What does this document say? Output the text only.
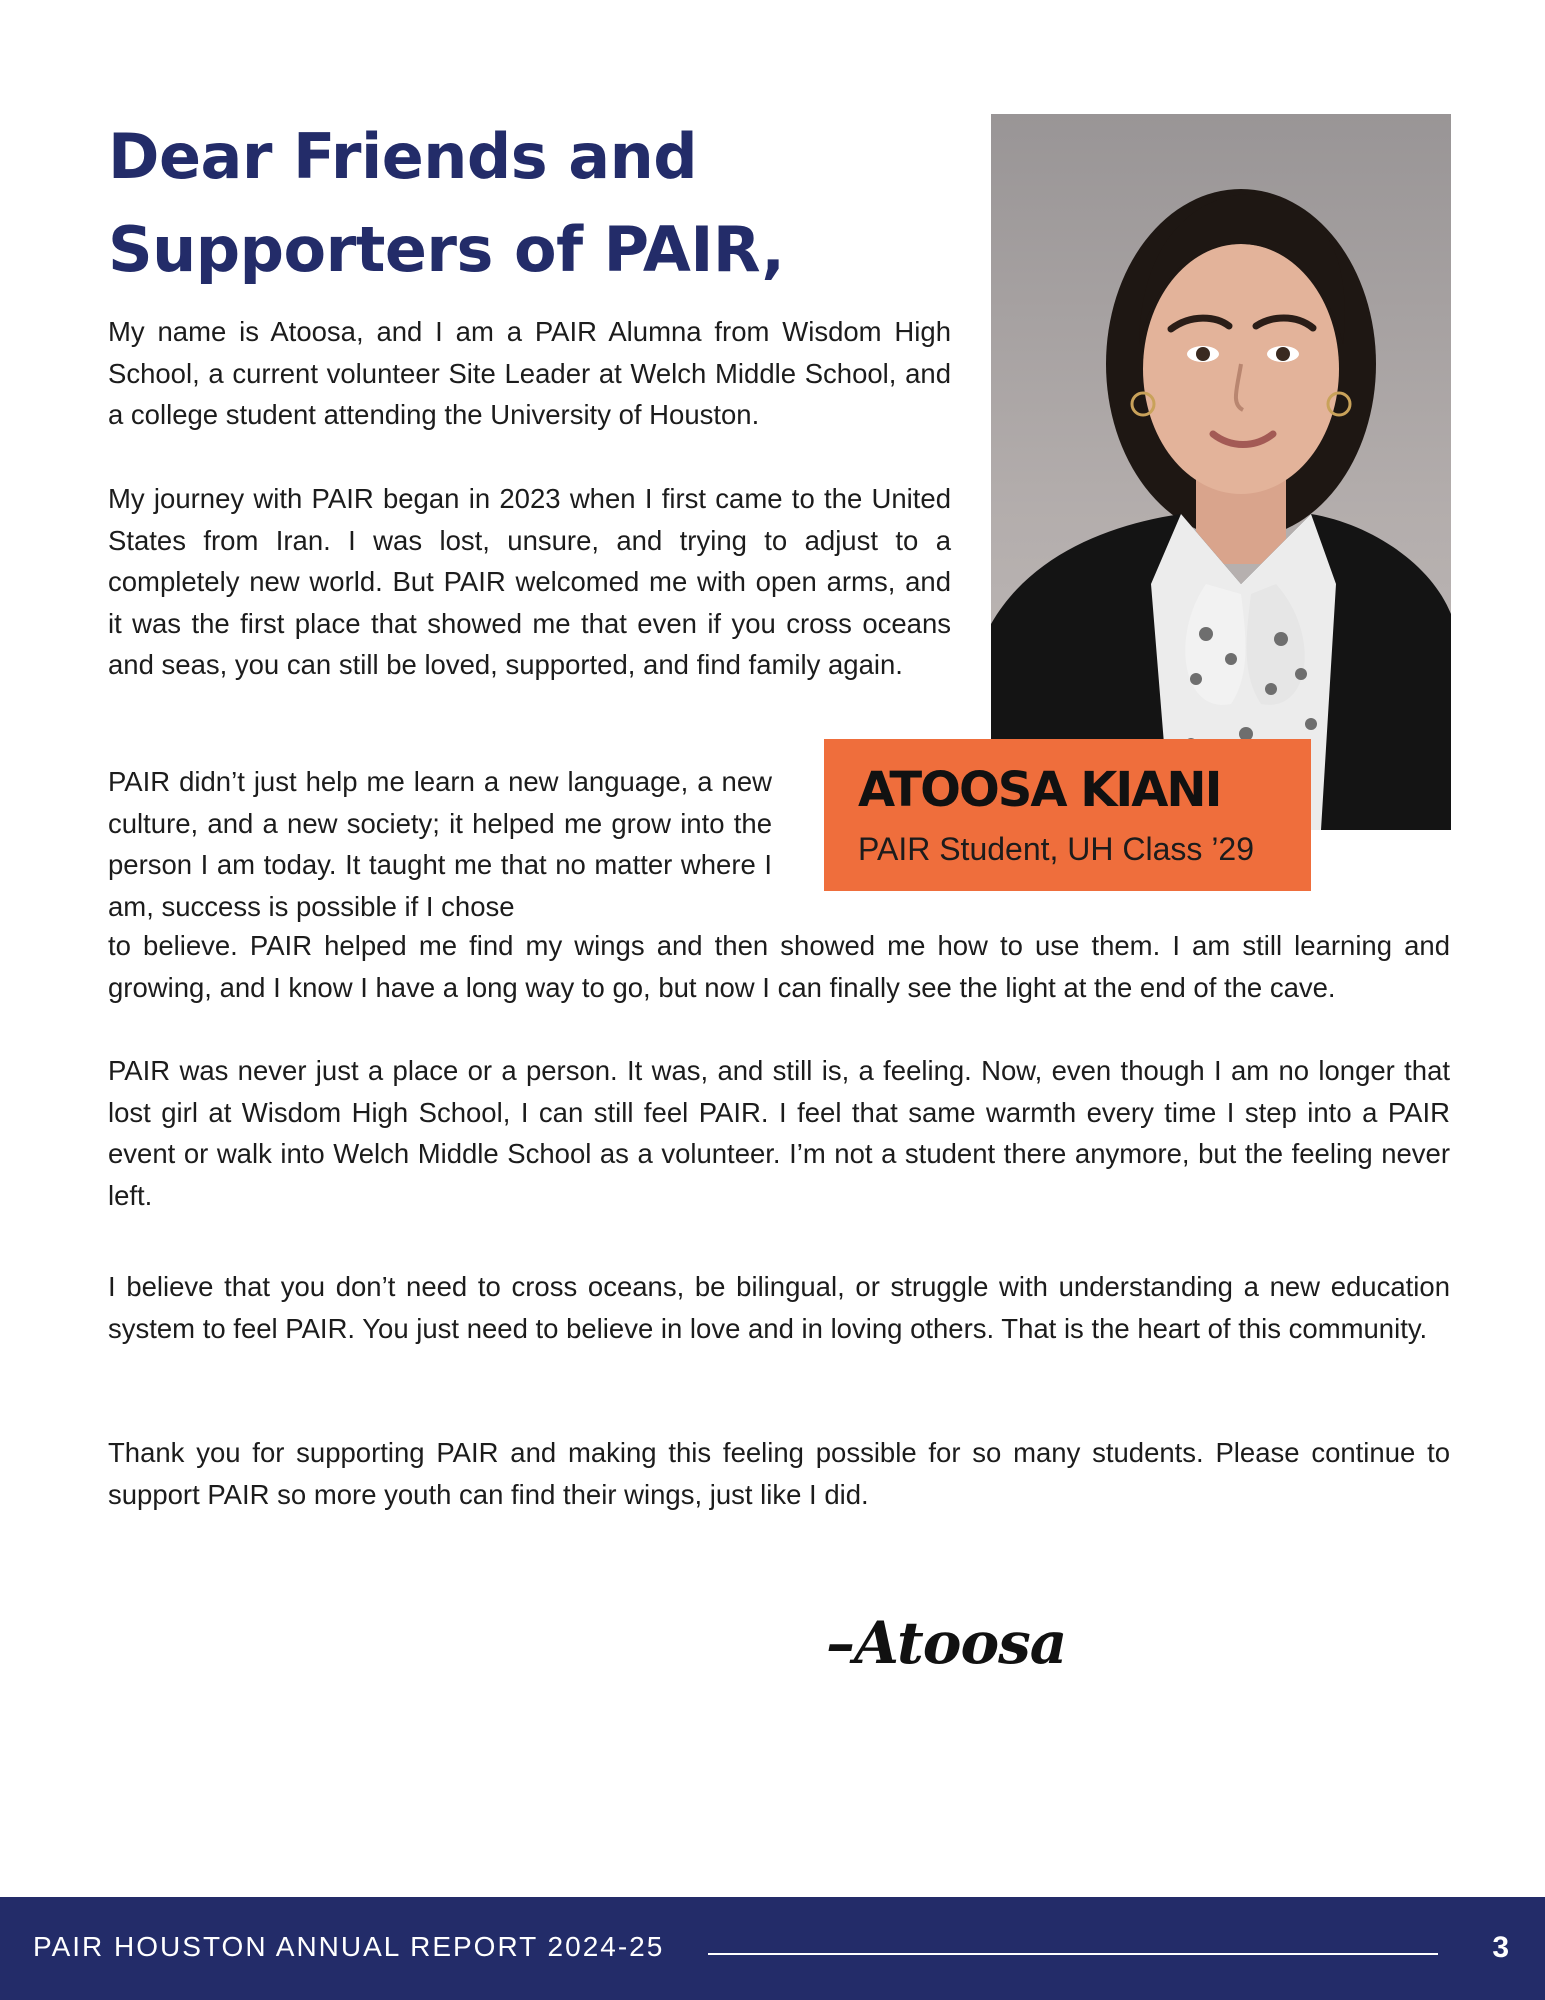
Dear Friends and
Supporters of PAIR,

My name is Atoosa, and I am a PAIR Alumna from Wisdom High School, a current volunteer Site Leader at Welch Middle School, and a college student attending the University of Houston.

My journey with PAIR began in 2023 when I first came to the United States from Iran. I was lost, unsure, and trying to adjust to a completely new world. But PAIR welcomed me with open arms, and it was the first place that showed me that even if you cross oceans and seas, you can still be loved, supported, and find family again.

PAIR didn’t just help me learn a new language, a new culture, and a new society; it helped me grow into the person I am today. It taught me that no matter where I am, success is possible if I chose

to believe. PAIR helped me find my wings and then showed me how to use them. I am still learning and growing, and I know I have a long way to go, but now I can finally see the light at the end of the cave.

PAIR was never just a place or a person. It was, and still is, a feeling. Now, even though I am no longer that lost girl at Wisdom High School, I can still feel PAIR. I feel that same warmth every time I step into a PAIR event or walk into Welch Middle School as a volunteer. I’m not a student there anymore, but the feeling never left.

I believe that you don’t need to cross oceans, be bilingual, or struggle with understanding a new education system to feel PAIR. You just need to believe in love and in loving others. That is the heart of this community.

Thank you for supporting PAIR and making this feeling possible for so many students. Please continue to support PAIR so more youth can find their wings, just like I did.

ATOOSA KIANI
PAIR Student, UH Class ’29
–Atoosa
PAIR HOUSTON ANNUAL REPORT 2024-25	3
